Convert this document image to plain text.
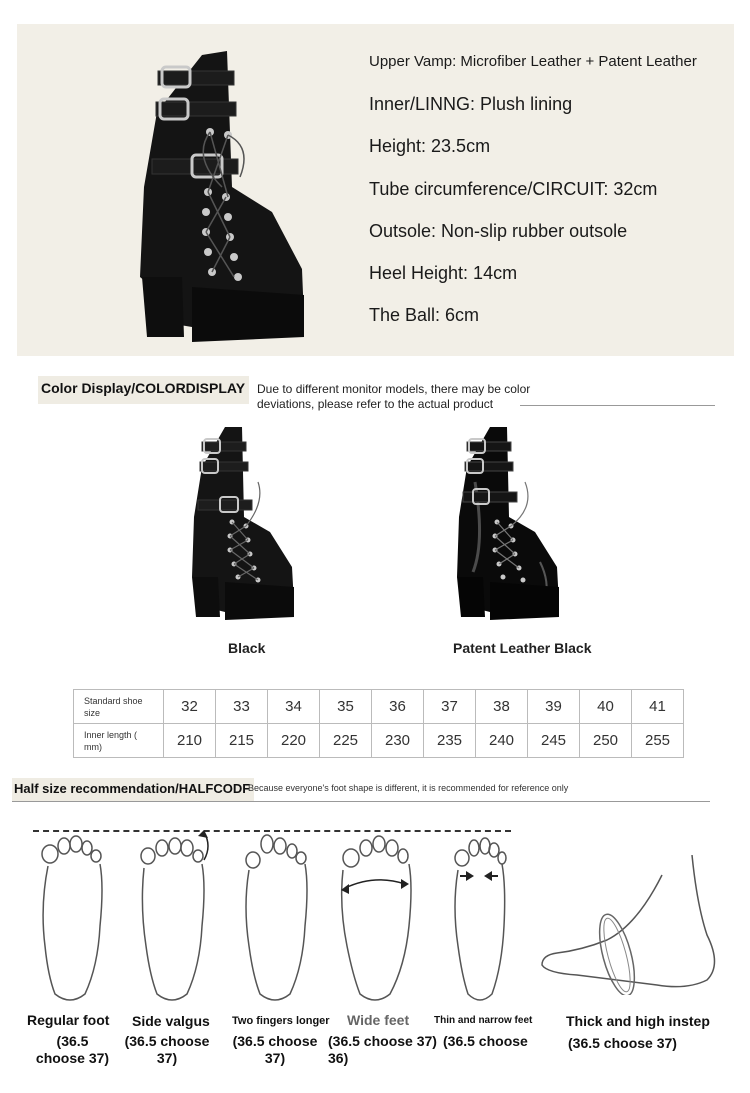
Upper Vamp: Microfiber Leather + Patent Leather
Inner/LINNG: Plush lining
Height: 23.5cm
Tube circumference/CIRCUIT: 32cm
Outsole: Non-slip rubber outsole
Heel Height: 14cm
The Ball: 6cm
Color Display/COLORDISPLAY Due to different monitor models, there may be color
deviations, please refer to the actual product
Black	Patent Leather Black
Standard shoe
size	32	33	34	35	36	37	38	39	40	41

Inner length (
mm)	210	215	220	225	230	235	240	245	250	255
Half size recommendation/HALFCODF
Because everyone's foot shape is different, it is recommended for reference only
Regular foot
(36.5
choose 37)
Side valgus
(36.5 choose
37)
Two fingers longer
(36.5 choose
37)
Wide feet
(36.5 choose 37)
36)
Thin and narrow feet
(36.5 choose
Thick and high instep
(36.5 choose 37)
